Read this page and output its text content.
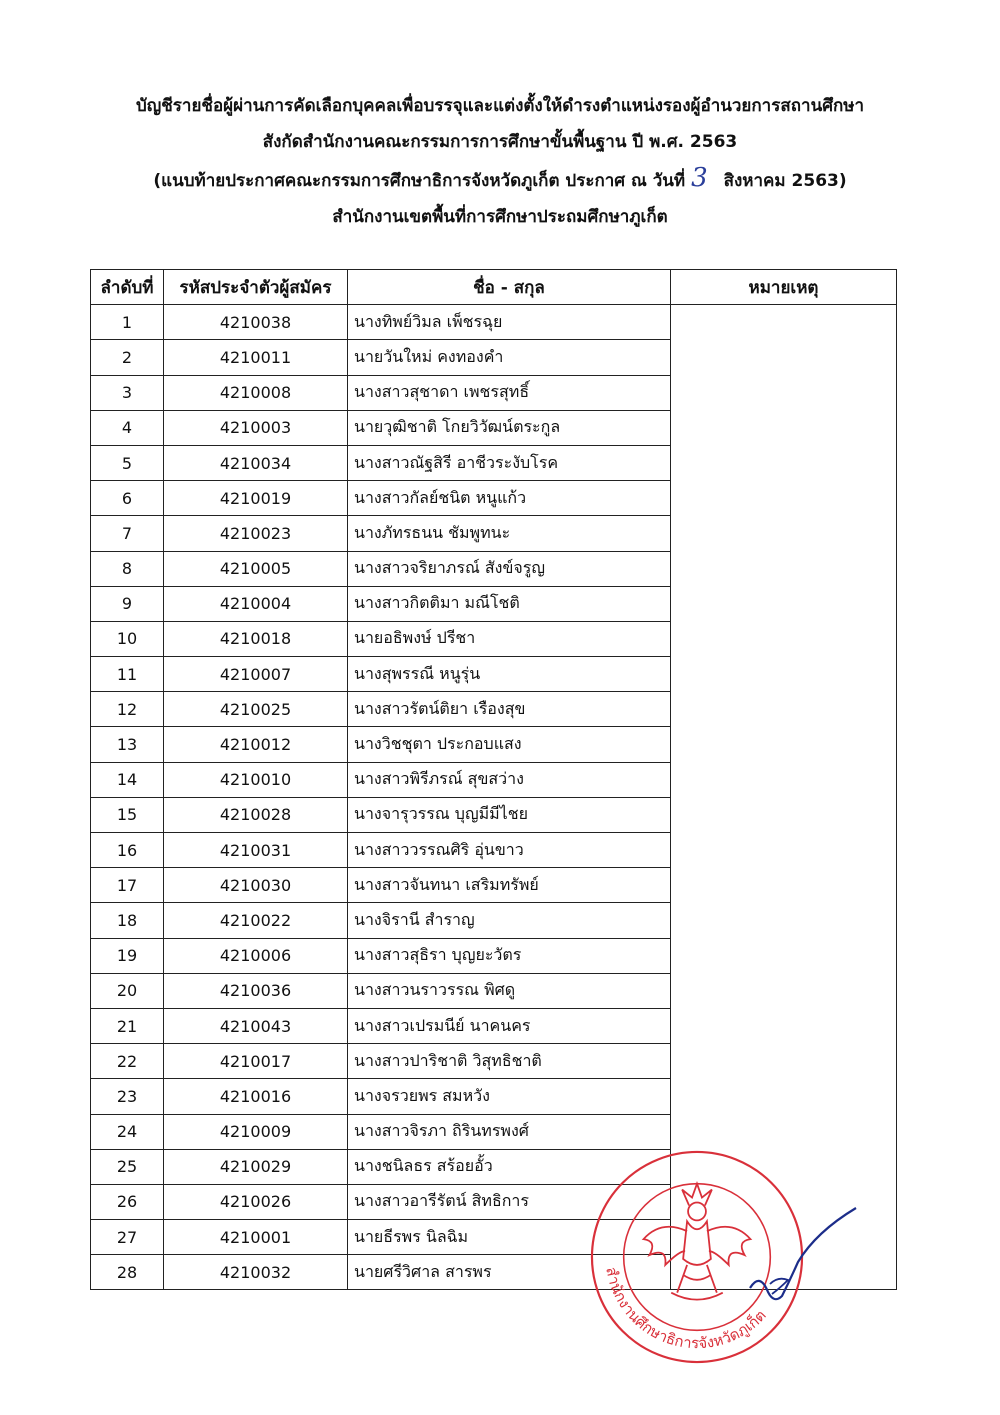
บัญชีรายชื่อผู้ผ่านการคัดเลือกบุคคลเพื่อบรรจุและแต่งตั้งให้ดำรงตำแหน่งรองผู้อำนวยการสถานศึกษา
สังกัดสำนักงานคณะกรรมการการศึกษาขั้นพื้นฐาน ปี พ.ศ. 2563
(แนบท้ายประกาศคณะกรรมการศึกษาธิการจังหวัดภูเก็ต ประกาศ ณ วันที่ 3 สิงหาคม 2563)
สำนักงานเขตพื้นที่การศึกษาประถมศึกษาภูเก็ต
ลำดับที่	รหัสประจำตัวผู้สมัคร	ชื่อ - สกุล	หมายเหตุ
1	4210038	นางทิพย์วิมล เพ็ชรฉุย	
2	4210011	นายวันใหม่ คงทองคำ	
3	4210008	นางสาวสุชาดา เพชรสุทธิ์	
4	4210003	นายวุฒิชาติ โกยวิวัฒน์ตระกูล	
5	4210034	นางสาวณัฐสิรี อาชีวระงับโรค	
6	4210019	นางสาวกัลย์ชนิต หนูแก้ว	
7	4210023	นางภัทรธนน ชัมพูทนะ	
8	4210005	นางสาวจริยาภรณ์ สังข์จรูญ	
9	4210004	นางสาวกิตติมา มณีโชติ	
10	4210018	นายอธิพงษ์ ปรีชา	
11	4210007	นางสุพรรณี หนูรุ่น	
12	4210025	นางสาวรัตน์ติยา เรืองสุข	
13	4210012	นางวิชชุตา ประกอบแสง	
14	4210010	นางสาวพิรีภรณ์ สุขสว่าง	
15	4210028	นางจารุวรรณ บุญมีมีไชย	
16	4210031	นางสาววรรณศิริ อุ่นขาว	
17	4210030	นางสาวจันทนา เสริมทรัพย์	
18	4210022	นางจิรานี สำราญ	
19	4210006	นางสาวสุธิรา บุญยะวัตร	
20	4210036	นางสาวนราวรรณ พิศดู	
21	4210043	นางสาวเปรมนีย์ นาคนคร	
22	4210017	นางสาวปาริชาติ วิสุทธิชาติ	
23	4210016	นางจรวยพร สมหวัง	
24	4210009	นางสาวจิรภา ถิรินทรพงศ์	
25	4210029	นางชนิลธร สร้อยอั้ว	
26	4210026	นางสาวอารีรัตน์ สิทธิการ	
27	4210001	นายธีรพร นิลฉิม	
28	4210032	นายศรีวิศาล สารพร		สำนักงานศึกษาธิการจังหวัดภูเก็ต
